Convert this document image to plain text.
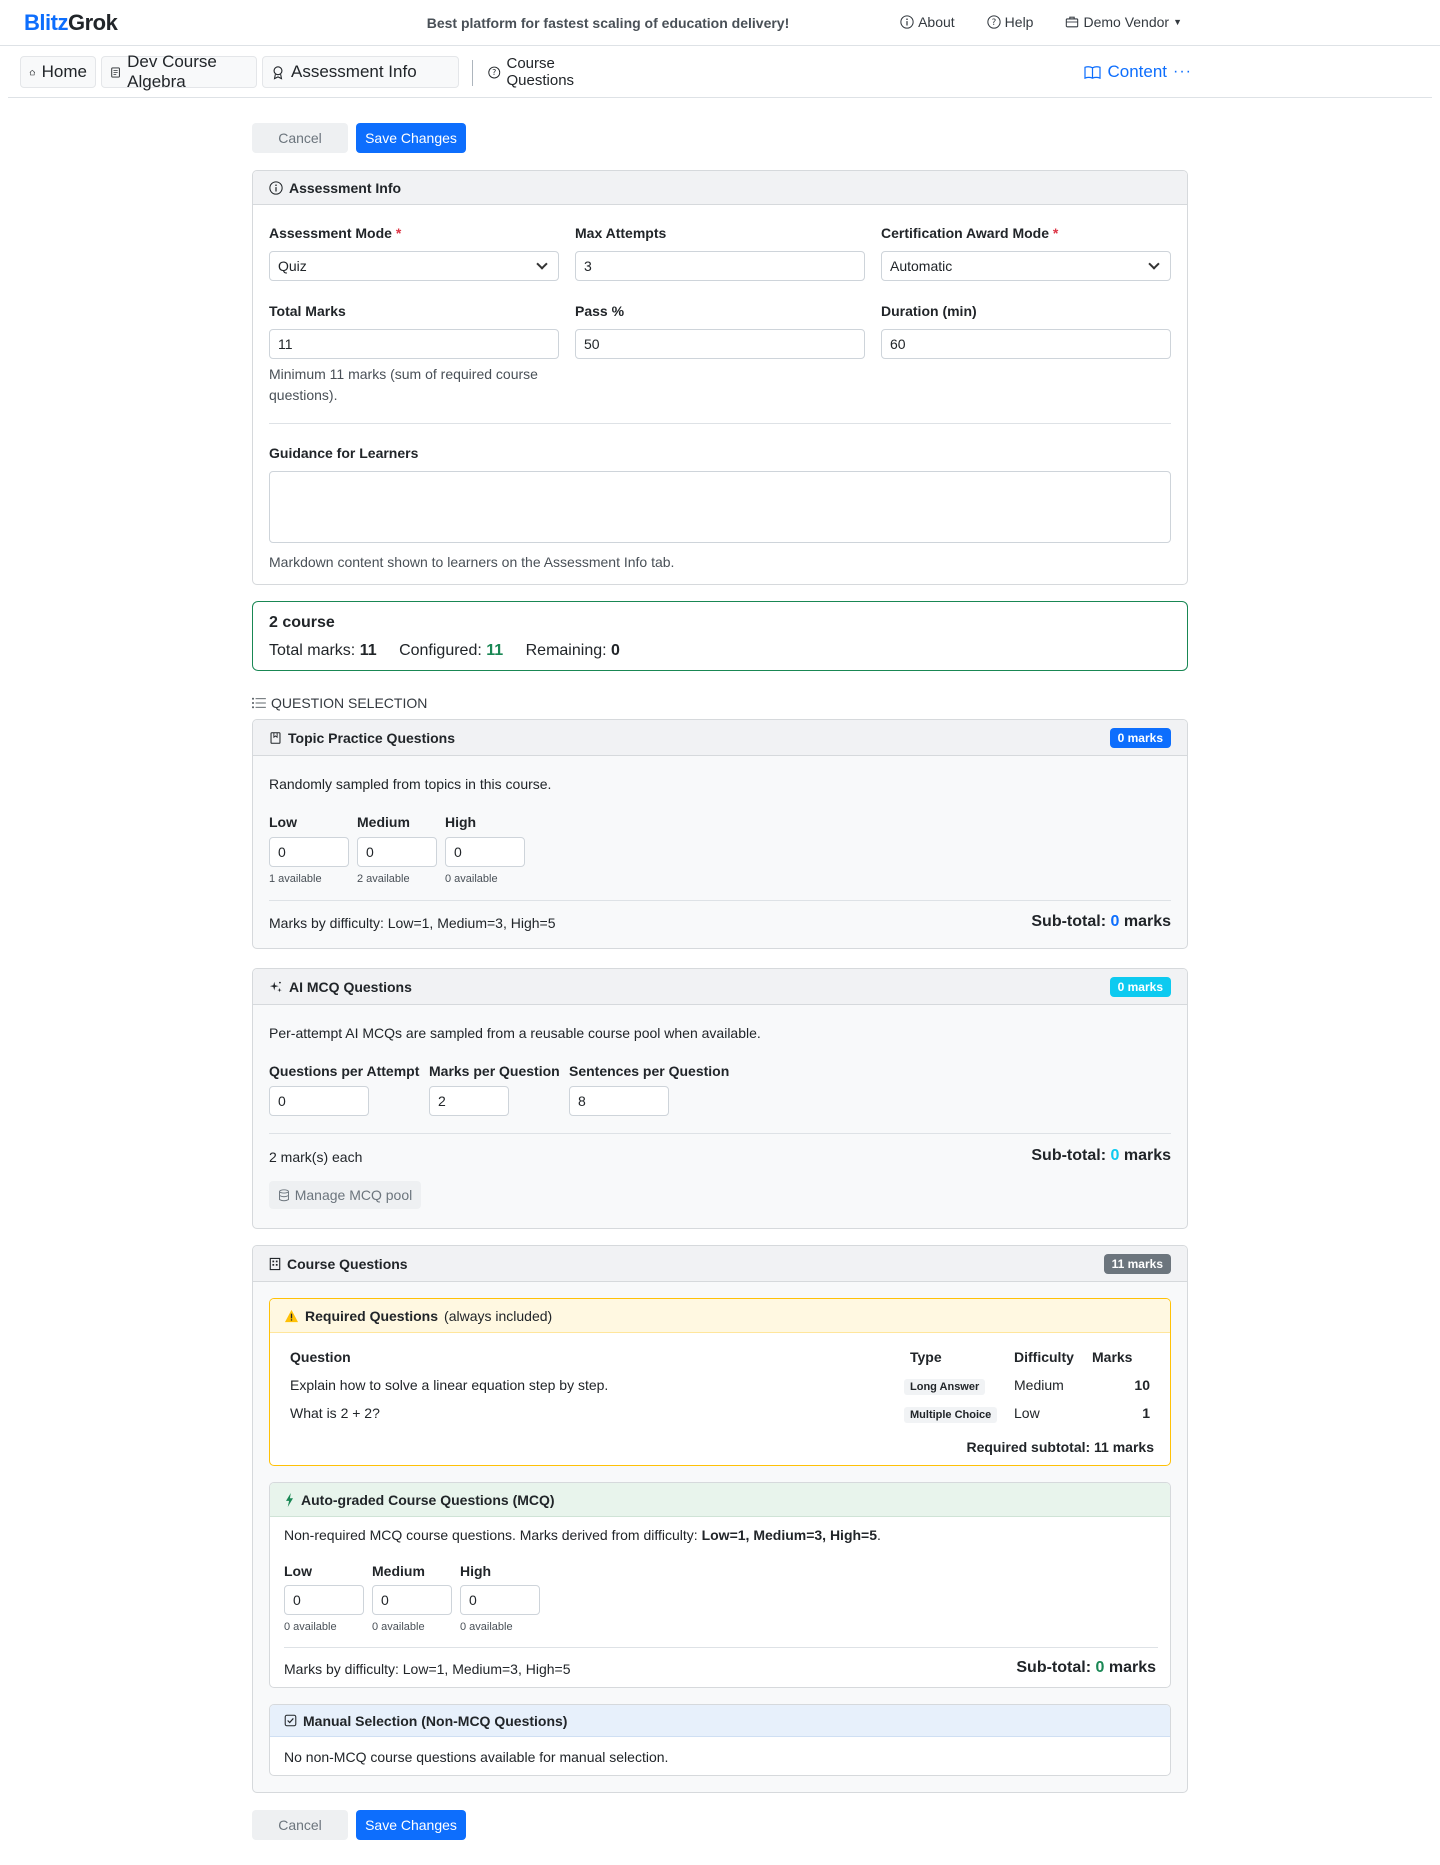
BlitzGrok	Best platform for fastest scaling of education delivery!	About	? Help	Demo Vendor ▼
Home
Dev Course Algebra
Assessment Info	?
Course Questions	Content ···
Cancel	Save Changes
Assessment Info
Assessment Mode *
Quiz
Max Attempts
3
Certification Award Mode *
Automatic
Total Marks
11
Minimum 11 marks (sum of required course questions).
Pass %
50
Duration (min)
60
Guidance for Learners
Markdown content shown to learners on the Assessment Info tab.
2 course
Total marks: 11 Configured: 11 Remaining: 0
QUESTION SELECTION
Topic Practice Questions	0 marks
Randomly sampled from topics in this course.
Low
0
1 available
Medium
0
2 available
High
0
0 available
Marks by difficulty: Low=1, Medium=3, High=5	Sub-total: 0 marks
AI MCQ Questions	0 marks
Per-attempt AI MCQs are sampled from a reusable course pool when available.
Questions per Attempt
0
Marks per Question
2
Sentences per Question
8
2 mark(s) each	Sub-total: 0 marks
Manage MCQ pool
Course Questions	11 marks
Required Questions (always included)
Question	Type	Difficulty Marks
Explain how to solve a linear equation step by step.	Long Answer	Medium	10
What is 2 + 2?	Multiple Choice	Low	1
Required subtotal: 11 marks
Auto-graded Course Questions (MCQ)
Non-required MCQ course questions. Marks derived from difficulty: Low=1, Medium=3, High=5.
Low
0
0 available
Medium
0
0 available
High
0
0 available
Marks by difficulty: Low=1, Medium=3, High=5	Sub-total: 0 marks
Manual Selection (Non-MCQ Questions)
No non-MCQ course questions available for manual selection.
Cancel	Save Changes
